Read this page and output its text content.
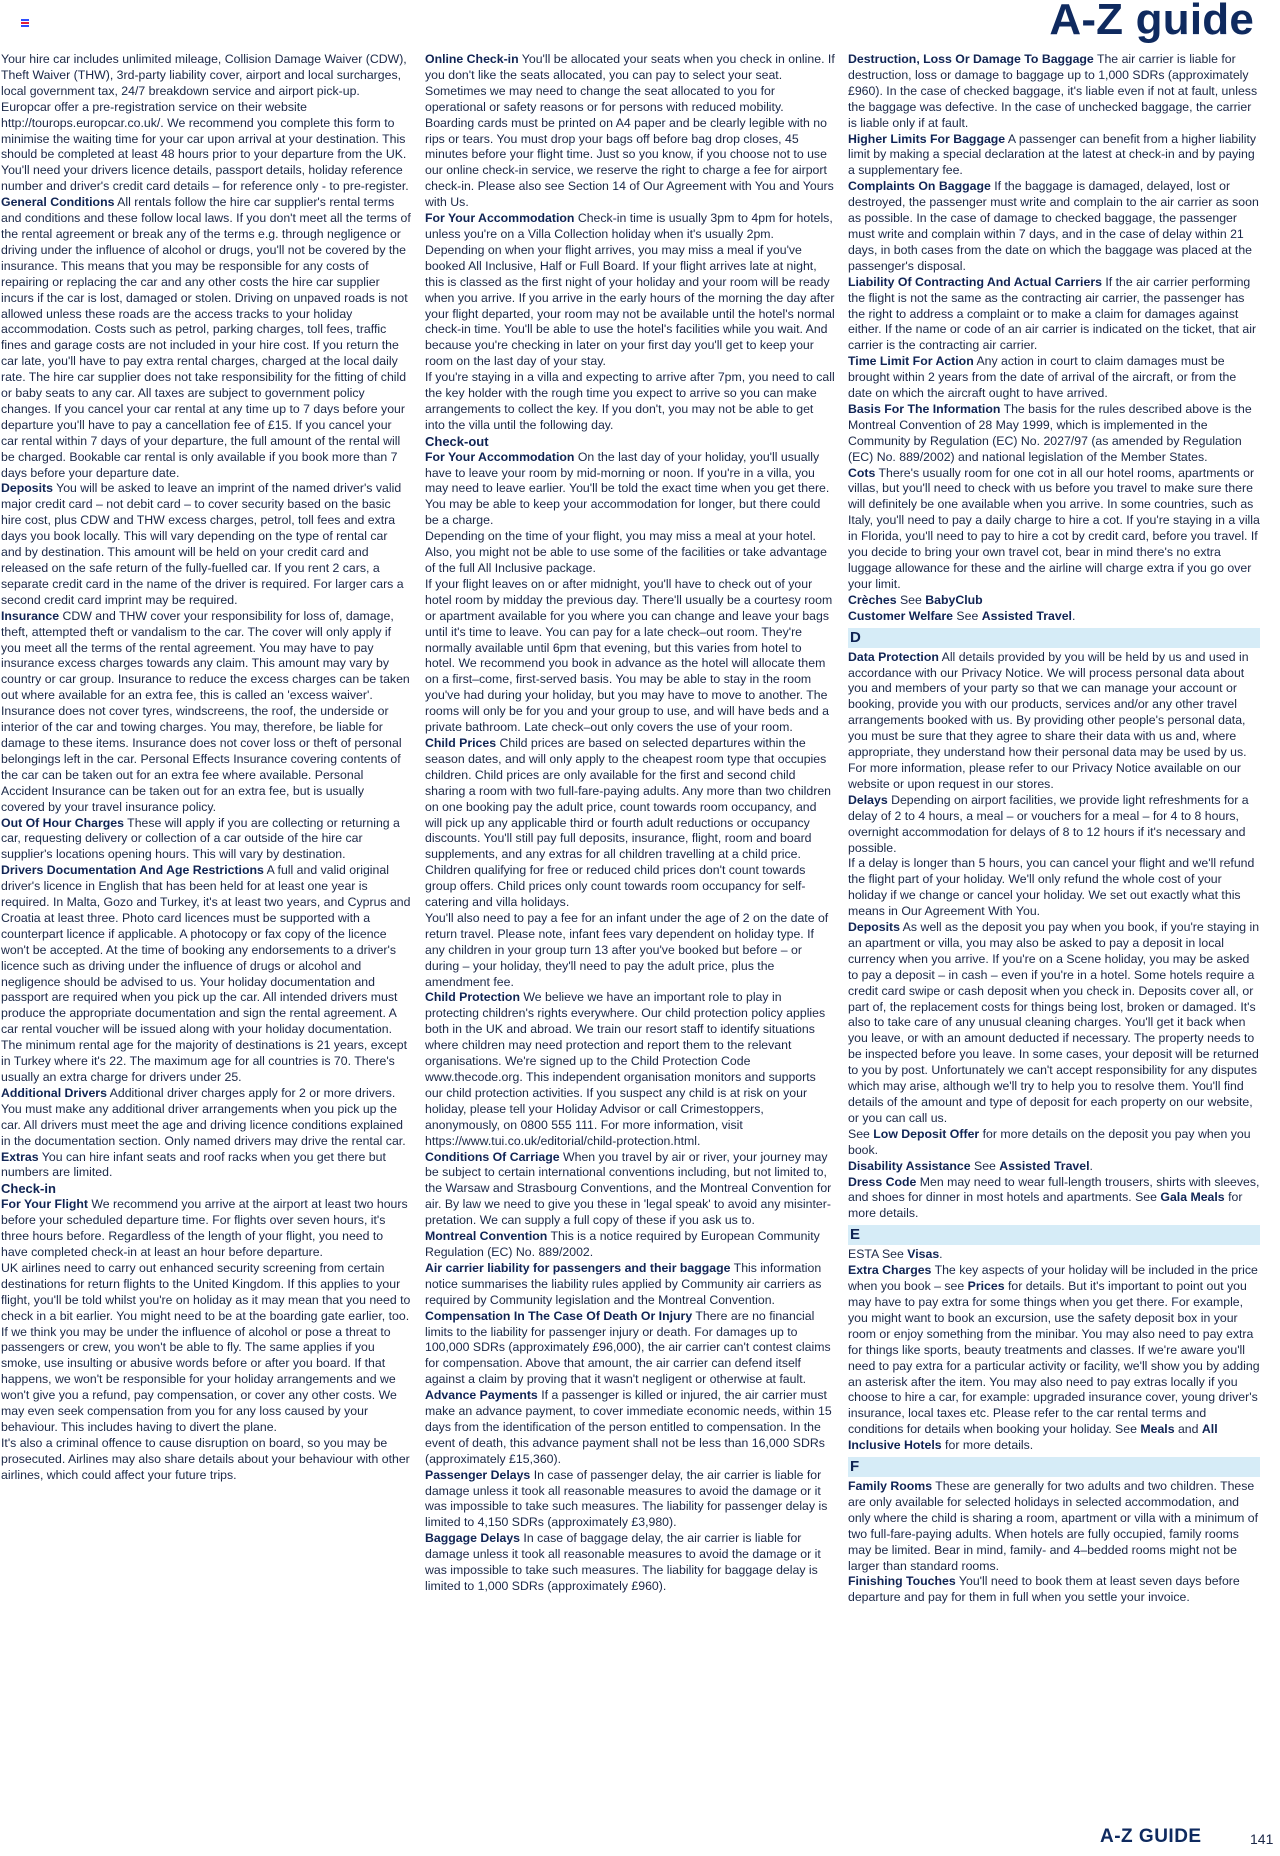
A-Z guide

Your hire car includes unlimited mileage, Collision Damage Waiver (CDW), Theft Waiver (THW), 3rd-party liability cover, airport and local surcharges, local government tax, 24/7 breakdown service and airport pick-up.

Europcar offer a pre-registration service on their website http://tourops.europcar.co.uk/. We recommend you complete this form to minimise the waiting time for your car upon arrival at your destination. This should be completed at least 48 hours prior to your departure from the UK. You'll need your drivers licence details, passport details, holiday reference number and driver's credit card details – for reference only - to pre-register.

General Conditions All rentals follow the hire car supplier's rental terms and conditions and these follow local laws. If you don't meet all the terms of the rental agreement or break any of the terms e.g. through negligence or driving under the influence of alcohol or drugs, you'll not be covered by the insurance. This means that you may be responsible for any costs of repairing or replacing the car and any other costs the hire car supplier incurs if the car is lost, damaged or stolen. Driving on unpaved roads is not allowed unless these roads are the access tracks to your holiday accommodation. Costs such as petrol, parking charges, toll fees, traffic fines and garage costs are not included in your hire cost. If you return the car late, you'll have to pay extra rental charges, charged at the local daily rate. The hire car supplier does not take responsibility for the fitting of child or baby seats to any car. All taxes are subject to government policy changes. If you cancel your car rental at any time up to 7 days before your departure you'll have to pay a cancellation fee of £15. If you cancel your car rental within 7 days of your departure, the full amount of the rental will be charged. Bookable car rental is only available if you book more than 7 days before your departure date.

Deposits You will be asked to leave an imprint of the named driver's valid major credit card – not debit card – to cover security based on the basic hire cost, plus CDW and THW excess charges, petrol, toll fees and extra days you book locally. This will vary depending on the type of rental car and by destination. This amount will be held on your credit card and released on the safe return of the fully-fuelled car. If you rent 2 cars, a separate credit card in the name of the driver is required. For larger cars a second credit card imprint may be required.

Insurance CDW and THW cover your responsibility for loss of, damage, theft, attempted theft or vandalism to the car. The cover will only apply if you meet all the terms of the rental agreement. You may have to pay insurance excess charges towards any claim. This amount may vary by country or car group. Insurance to reduce the excess charges can be taken out where available for an extra fee, this is called an 'excess waiver'. Insurance does not cover tyres, windscreens, the roof, the underside or interior of the car and towing charges. You may, therefore, be liable for damage to these items. Insurance does not cover loss or theft of personal belongings left in the car. Personal Effects Insurance covering contents of the car can be taken out for an extra fee where available. Personal Accident Insurance can be taken out for an extra fee, but is usually covered by your travel insurance policy.

Out Of Hour Charges These will apply if you are collecting or returning a car, requesting delivery or collection of a car outside of the hire car supplier's locations opening hours. This will vary by destination.

Drivers Documentation And Age Restrictions A full and valid original driver's licence in English that has been held for at least one year is required. In Malta, Gozo and Turkey, it's at least two years, and Cyprus and Croatia at least three. Photo card licences must be supported with a counterpart licence if applicable. A photocopy or fax copy of the licence won't be accepted. At the time of booking any endorsements to a driver's licence such as driving under the influence of drugs or alcohol and negligence should be advised to us. Your holiday documentation and passport are required when you pick up the car. All intended drivers must produce the appropriate documentation and sign the rental agreement. A car rental voucher will be issued along with your holiday documentation. The minimum rental age for the majority of destinations is 21 years, except in Turkey where it's 22. The maximum age for all countries is 70. There's usually an extra charge for drivers under 25.

Additional Drivers Additional driver charges apply for 2 or more drivers. You must make any additional driver arrangements when you pick up the car. All drivers must meet the age and driving licence conditions explained in the documentation section. Only named drivers may drive the rental car.

Extras You can hire infant seats and roof racks when you get there but numbers are limited.

Check-in

For Your Flight We recommend you arrive at the airport at least two hours before your scheduled departure time. For flights over seven hours, it's three hours before. Regardless of the length of your flight, you need to have completed check-in at least an hour before departure.

UK airlines need to carry out enhanced security screening from certain destinations for return flights to the United Kingdom. If this applies to your flight, you'll be told whilst you're on holiday as it may mean that you need to check in a bit earlier. You might need to be at the boarding gate earlier, too.

If we think you may be under the influence of alcohol or pose a threat to passengers or crew, you won't be able to fly. The same applies if you smoke, use insulting or abusive words before or after you board. If that happens, we won't be responsible for your holiday arrangements and we won't give you a refund, pay compensation, or cover any other costs. We may even seek compensation from you for any loss caused by your behaviour. This includes having to divert the plane.

It's also a criminal offence to cause disruption on board, so you may be prosecuted. Airlines may also share details about your behaviour with other airlines, which could affect your future trips.

Online Check-in You'll be allocated your seats when you check in online. If you don't like the seats allocated, you can pay to select your seat. Sometimes we may need to change the seat allocated to you for operational or safety reasons or for persons with reduced mobility. Boarding cards must be printed on A4 paper and be clearly legible with no rips or tears. You must drop your bags off before bag drop closes, 45 minutes before your flight time. Just so you know, if you choose not to use our online check-in service, we reserve the right to charge a fee for airport check-in. Please also see Section 14 of Our Agreement with You and Yours with Us.

For Your Accommodation Check-in time is usually 3pm to 4pm for hotels, unless you're on a Villa Collection holiday when it's usually 2pm. Depending on when your flight arrives, you may miss a meal if you've booked All Inclusive, Half or Full Board. If your flight arrives late at night, this is classed as the first night of your holiday and your room will be ready when you arrive. If you arrive in the early hours of the morning the day after your flight departed, your room may not be available until the hotel's normal check-in time. You'll be able to use the hotel's facilities while you wait. And because you're checking in later on your first day you'll get to keep your room on the last day of your stay.

If you're staying in a villa and expecting to arrive after 7pm, you need to call the key holder with the rough time you expect to arrive so you can make arrangements to collect the key. If you don't, you may not be able to get into the villa until the following day.

Check-out

For Your Accommodation On the last day of your holiday, you'll usually have to leave your room by mid-morning or noon. If you're in a villa, you may need to leave earlier. You'll be told the exact time when you get there. You may be able to keep your accommodation for longer, but there could be a charge.

Depending on the time of your flight, you may miss a meal at your hotel. Also, you might not be able to use some of the facilities or take advantage of the full All Inclusive package.

If your flight leaves on or after midnight, you'll have to check out of your hotel room by midday the previous day. There'll usually be a courtesy room or apartment available for you where you can change and leave your bags until it's time to leave. You can pay for a late check–out room. They're normally available until 6pm that evening, but this varies from hotel to hotel. We recommend you book in advance as the hotel will allocate them on a first–come, first-served basis. You may be able to stay in the room you've had during your holiday, but you may have to move to another. The rooms will only be for you and your group to use, and will have beds and a private bathroom. Late check–out only covers the use of your room.

Child Prices Child prices are based on selected departures within the season dates, and will only apply to the cheapest room type that occupies children. Child prices are only available for the first and second child sharing a room with two full-fare-paying adults. Any more than two children on one booking pay the adult price, count towards room occupancy, and will pick up any applicable third or fourth adult reductions or occupancy discounts. You'll still pay full deposits, insurance, flight, room and board supplements, and any extras for all children travelling at a child price. Children qualifying for free or reduced child prices don't count towards group offers. Child prices only count towards room occupancy for self-catering and villa holidays.

You'll also need to pay a fee for an infant under the age of 2 on the date of return travel. Please note, infant fees vary dependent on holiday type. If any children in your group turn 13 after you've booked but before – or during – your holiday, they'll need to pay the adult price, plus the amendment fee.

Child Protection We believe we have an important role to play in protecting children's rights everywhere. Our child protection policy applies both in the UK and abroad. We train our resort staff to identify situations where children may need protection and report them to the relevant organisations. We're signed up to the Child Protection Code www.thecode.org. This independent organisation monitors and supports our child protection activities. If you suspect any child is at risk on your holiday, please tell your Holiday Advisor or call Crimestoppers, anonymously, on 0800 555 111. For more information, visit https://www.tui.co.uk/editorial/child-protection.html.

Conditions Of Carriage When you travel by air or river, your journey may be subject to certain international conventions including, but not limited to, the Warsaw and Strasbourg Conventions, and the Montreal Convention for air. By law we need to give you these in 'legal speak' to avoid any misinter-pretation. We can supply a full copy of these if you ask us to.

Montreal Convention This is a notice required by European Community Regulation (EC) No. 889/2002.

Air carrier liability for passengers and their baggage This information notice summarises the liability rules applied by Community air carriers as required by Community legislation and the Montreal Convention.

Compensation In The Case Of Death Or Injury There are no financial limits to the liability for passenger injury or death. For damages up to 100,000 SDRs (approximately £96,000), the air carrier can't contest claims for compensation. Above that amount, the air carrier can defend itself against a claim by proving that it wasn't negligent or otherwise at fault.

Advance Payments If a passenger is killed or injured, the air carrier must make an advance payment, to cover immediate economic needs, within 15 days from the identification of the person entitled to compensation. In the event of death, this advance payment shall not be less than 16,000 SDRs (approximately £15,360).

Passenger Delays In case of passenger delay, the air carrier is liable for damage unless it took all reasonable measures to avoid the damage or it was impossible to take such measures. The liability for passenger delay is limited to 4,150 SDRs (approximately £3,980).

Baggage Delays In case of baggage delay, the air carrier is liable for damage unless it took all reasonable measures to avoid the damage or it was impossible to take such measures. The liability for baggage delay is limited to 1,000 SDRs (approximately £960).

Destruction, Loss Or Damage To Baggage The air carrier is liable for destruction, loss or damage to baggage up to 1,000 SDRs (approximately £960). In the case of checked baggage, it's liable even if not at fault, unless the baggage was defective. In the case of unchecked baggage, the carrier is liable only if at fault.

Higher Limits For Baggage A passenger can benefit from a higher liability limit by making a special declaration at the latest at check-in and by paying a supplementary fee.

Complaints On Baggage If the baggage is damaged, delayed, lost or destroyed, the passenger must write and complain to the air carrier as soon as possible. In the case of damage to checked baggage, the passenger must write and complain within 7 days, and in the case of delay within 21 days, in both cases from the date on which the baggage was placed at the passenger's disposal.

Liability Of Contracting And Actual Carriers If the air carrier performing the flight is not the same as the contracting air carrier, the passenger has the right to address a complaint or to make a claim for damages against either. If the name or code of an air carrier is indicated on the ticket, that air carrier is the contracting air carrier.

Time Limit For Action Any action in court to claim damages must be brought within 2 years from the date of arrival of the aircraft, or from the date on which the aircraft ought to have arrived.

Basis For The Information The basis for the rules described above is the Montreal Convention of 28 May 1999, which is implemented in the Community by Regulation (EC) No. 2027/97 (as amended by Regulation (EC) No. 889/2002) and national legislation of the Member States.

Cots There's usually room for one cot in all our hotel rooms, apartments or villas, but you'll need to check with us before you travel to make sure there will definitely be one available when you arrive. In some countries, such as Italy, you'll need to pay a daily charge to hire a cot. If you're staying in a villa in Florida, you'll need to pay to hire a cot by credit card, before you travel. If you decide to bring your own travel cot, bear in mind there's no extra luggage allowance for these and the airline will charge extra if you go over your limit.

Crèches See BabyClub

Customer Welfare See Assisted Travel.

D

Data Protection All details provided by you will be held by us and used in accordance with our Privacy Notice. We will process personal data about you and members of your party so that we can manage your account or booking, provide you with our products, services and/or any other travel arrangements booked with us. By providing other people's personal data, you must be sure that they agree to share their data with us and, where appropriate, they understand how their personal data may be used by us. For more information, please refer to our Privacy Notice available on our website or upon request in our stores.

Delays Depending on airport facilities, we provide light refreshments for a delay of 2 to 4 hours, a meal – or vouchers for a meal – for 4 to 8 hours, overnight accommodation for delays of 8 to 12 hours if it's necessary and possible.

If a delay is longer than 5 hours, you can cancel your flight and we'll refund the flight part of your holiday. We'll only refund the whole cost of your holiday if we change or cancel your holiday. We set out exactly what this means in Our Agreement With You.

Deposits As well as the deposit you pay when you book, if you're staying in an apartment or villa, you may also be asked to pay a deposit in local currency when you arrive. If you're on a Scene holiday, you may be asked to pay a deposit – in cash – even if you're in a hotel. Some hotels require a credit card swipe or cash deposit when you check in. Deposits cover all, or part of, the replacement costs for things being lost, broken or damaged. It's also to take care of any unusual cleaning charges. You'll get it back when you leave, or with an amount deducted if necessary. The property needs to be inspected before you leave. In some cases, your deposit will be returned to you by post. Unfortunately we can't accept responsibility for any disputes which may arise, although we'll try to help you to resolve them. You'll find details of the amount and type of deposit for each property on our website, or you can call us.

See Low Deposit Offer for more details on the deposit you pay when you book.

Disability Assistance See Assisted Travel.

Dress Code Men may need to wear full-length trousers, shirts with sleeves, and shoes for dinner in most hotels and apartments. See Gala Meals for more details.

E

ESTA See Visas.

Extra Charges The key aspects of your holiday will be included in the price when you book – see Prices for details. But it's important to point out you may have to pay extra for some things when you get there. For example, you might want to book an excursion, use the safety deposit box in your room or enjoy something from the minibar. You may also need to pay extra for things like sports, beauty treatments and classes. If we're aware you'll need to pay extra for a particular activity or facility, we'll show you by adding an asterisk after the item. You may also need to pay extras locally if you choose to hire a car, for example: upgraded insurance cover, young driver's insurance, local taxes etc. Please refer to the car rental terms and conditions for details when booking your holiday. See Meals and All Inclusive Hotels for more details.

F

Family Rooms These are generally for two adults and two children. These are only available for selected holidays in selected accommodation, and only where the child is sharing a room, apartment or villa with a minimum of two full-fare-paying adults. When hotels are fully occupied, family rooms may be limited. Bear in mind, family- and 4–bedded rooms might not be larger than standard rooms.

Finishing Touches You'll need to book them at least seven days before departure and pay for them in full when you settle your invoice.

A-Z GUIDE	141
